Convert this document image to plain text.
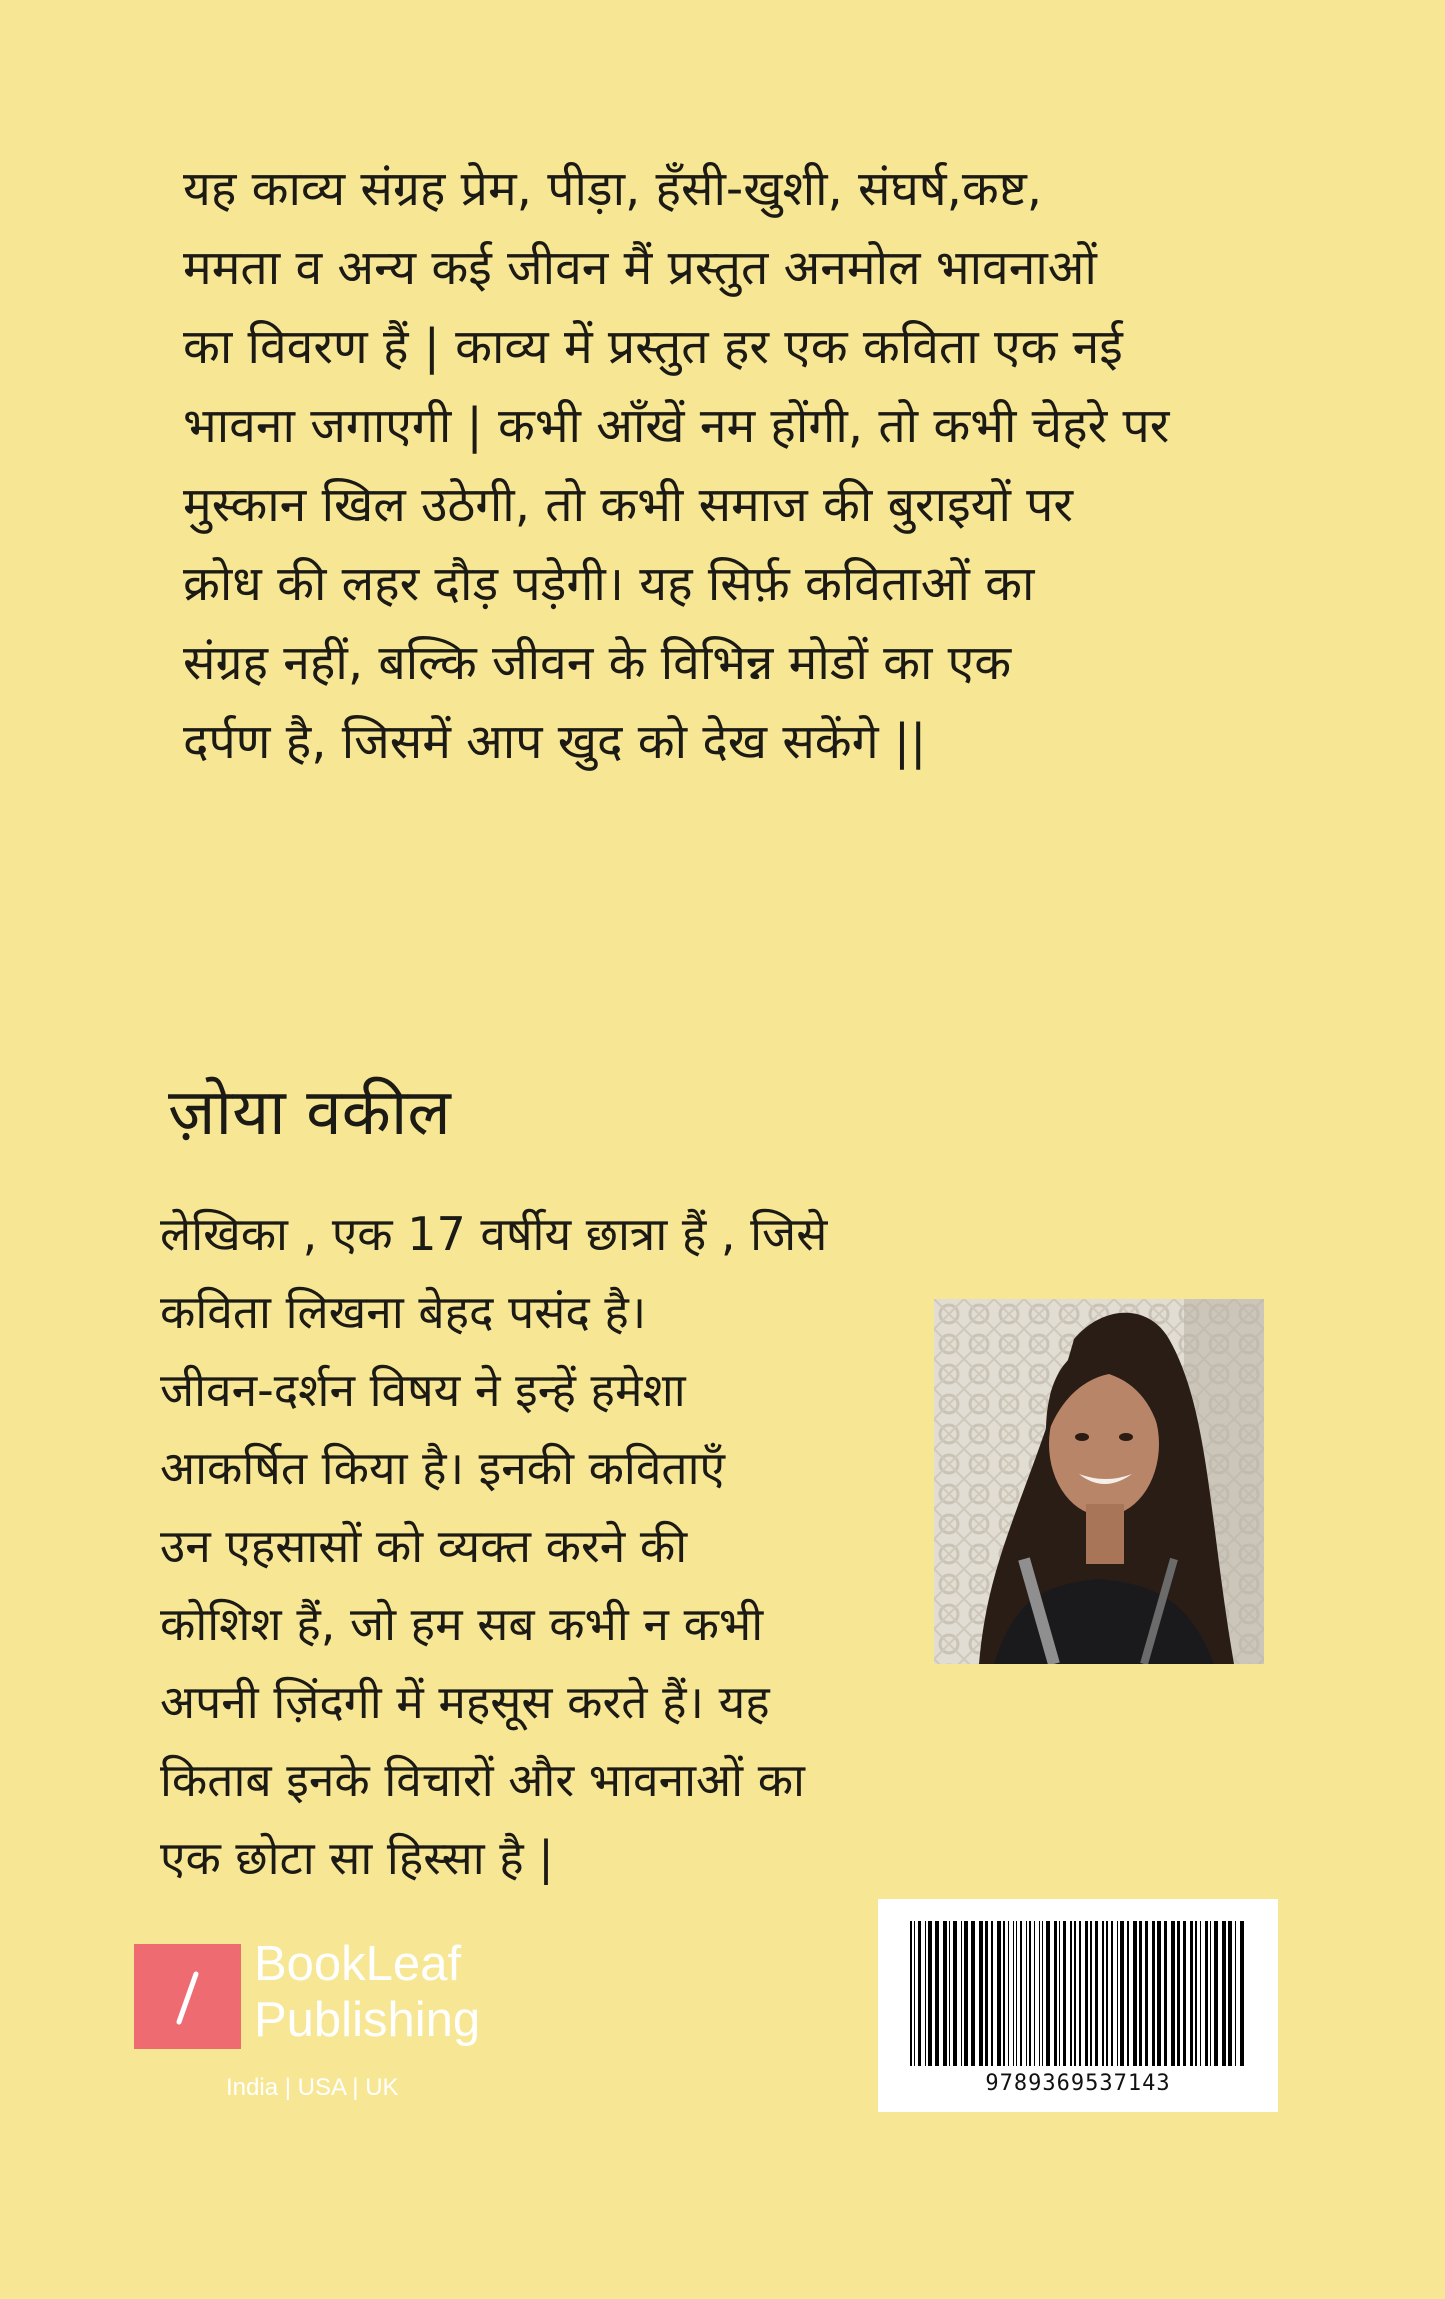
यह काव्य संग्रह प्रेम, पीड़ा, हँसी-खुशी, संघर्ष,कष्ट,
ममता व अन्य कई जीवन मैं प्रस्तुत अनमोल भावनाओं
का विवरण हैं | काव्य में प्रस्तुत हर एक कविता एक नई
भावना जगाएगी | कभी आँखें नम होंगी, तो कभी चेहरे पर
मुस्कान खिल उठेगी, तो कभी समाज की बुराइयों पर
क्रोध की लहर दौड़ पड़ेगी। यह सिर्फ़ कविताओं का
संग्रह नहीं, बल्कि जीवन के विभिन्न मोडों का एक
दर्पण है, जिसमें आप खुद को देख सकेंगे ||
ज़ोया वकील
लेखिका , एक 17 वर्षीय छात्रा हैं , जिसे
कविता लिखना बेहद पसंद है।
जीवन-दर्शन विषय ने इन्हें हमेशा
आकर्षित किया है। इनकी कविताएँ
उन एहसासों को व्यक्त करने की
कोशिश हैं, जो हम सब कभी न कभी
अपनी ज़िंदगी में महसूस करते हैं। यह
किताब इनके विचारों और भावनाओं का
एक छोटा सा हिस्सा है |
BookLeaf
Publishing
India | USA | UK	9789369537143
